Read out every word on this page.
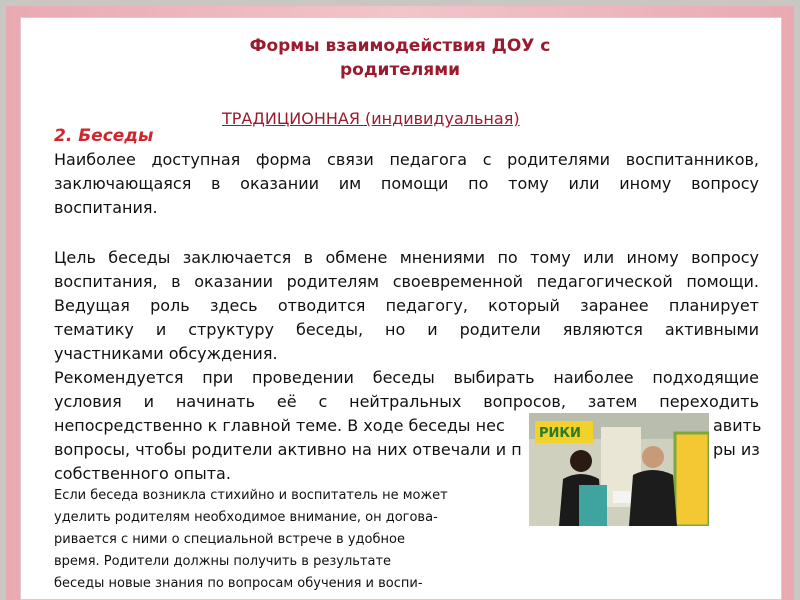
Формы взаимодействия ДОУ с
родителями
ТРАДИЦИОННАЯ (индивидуальная)
2. Беседы
Наиболее доступная форма связи педагога с родителями воспитанников,
заключающаяся в оказании им помощи по тому или иному вопросу
воспитания.
Цель беседы заключается в обмене мнениями по тому или иному вопросу
воспитания, в оказании родителям своевременной педагогической помощи.
Ведущая роль здесь отводится педагогу, который заранее планирует
тематику и структуру беседы, но и родители являются активными
участниками обсуждения.
Рекомендуется при проведении беседы выбирать наиболее подходящие
условия и начинать её с нейтральных вопросов, затем переходить
непосредственно к главной теме. В ходе беседы нес
вопросы, чтобы родители активно на них отвечали и п
собственного опыта.
авить
ры из
РИКИ
Если беседа возникла стихийно и воспитатель не может
уделить родителям необходимое внимание, он догова-
ривается с ними о специальной встрече в удобное
время. Родители должны получить в результате
беседы новые знания по вопросам обучения и воспи-
